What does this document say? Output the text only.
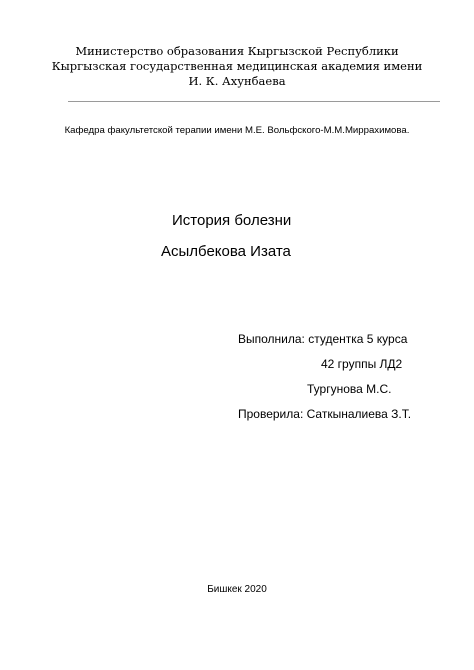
Министерство образования Кыргызской Республики
Кыргызская государственная медицинская академия имени
И. К. Ахунбаева
Кафедра факультетской терапии имени М.Е. Вольфского-М.М.Миррахимова.
История болезни
Асылбекова Изата
Выполнила: студентка 5 курса
42 группы ЛД2
Тургунова М.С.
Проверила: Саткыналиева З.Т.
Бишкек 2020
